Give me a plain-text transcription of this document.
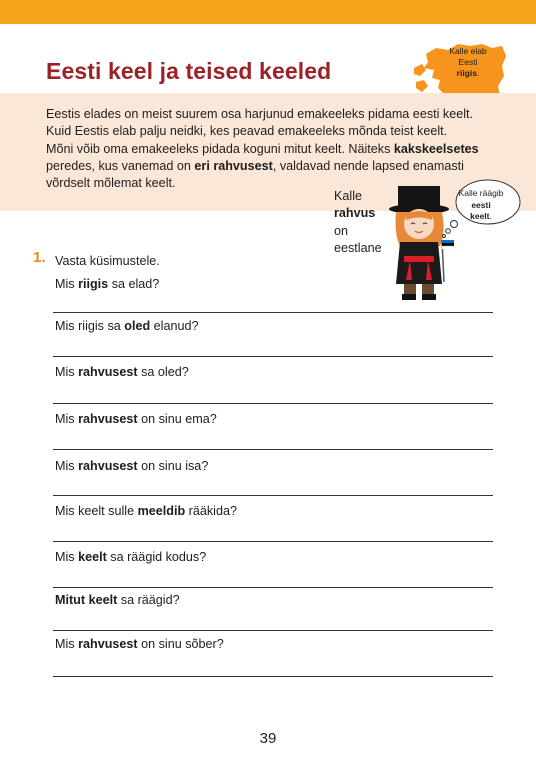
Eesti keel ja teised keeled
Kalle elab
Eesti
riigis.
Eestis elades on meist suurem osa harjunud emakeeleks pidama eesti keelt.
Kuid Eestis elab palju neidki, kes peavad emakeeleks mõnda teist keelt.
Mõni võib oma emakeeleks pidada koguni mitut keelt. Näiteks kakskeelsetes
peredes, kus vanemad on eri rahvusest, valdavad nende lapsed enamasti
võrdselt mõlemat keelt.
Kalle
rahvus
on
eestlane
Kalle räägib
eesti
keelt.
1. Vasta küsimustele.
Mis riigis sa elad?
Mis riigis sa oled elanud?
Mis rahvusest sa oled?
Mis rahvusest on sinu ema?
Mis rahvusest on sinu isa?
Mis keelt sulle meeldib rääkida?
Mis keelt sa räägid kodus?
Mitut keelt sa räägid?
Mis rahvusest on sinu sõber?
39
